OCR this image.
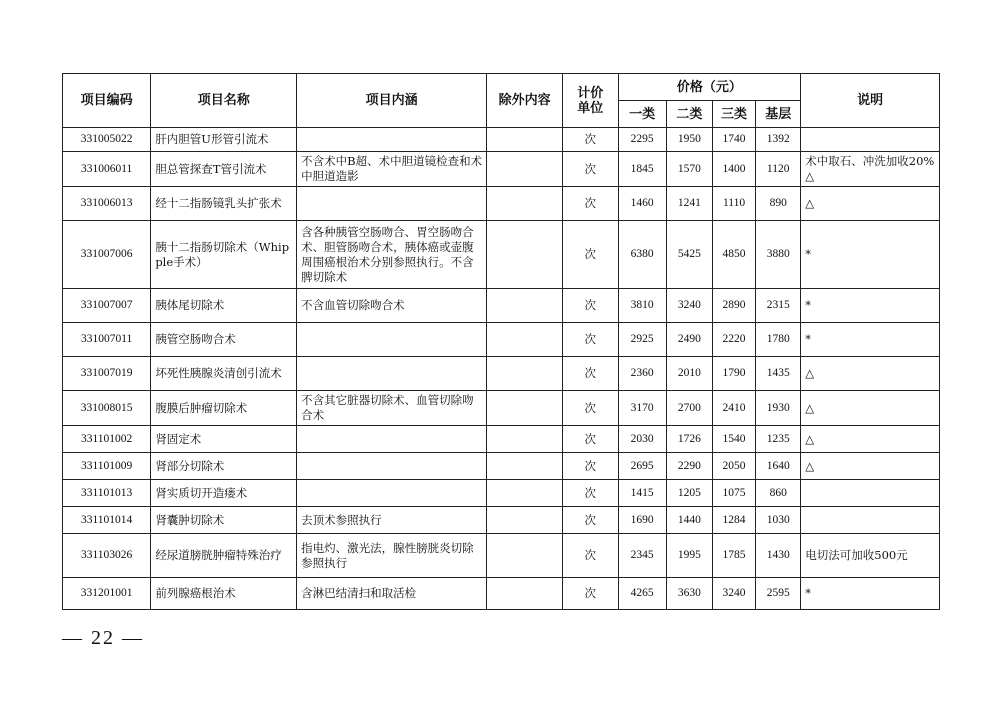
项目编码	项目名称	项目内涵	除外内容	计价单位	价格（元）				说明
					一类	二类	三类	基层	
331005022	肝内胆管U形管引流术			次	2295	1950	1740	1392	
331006011	胆总管探查T管引流术	不含术中B超、术中胆道镜检查和术中胆道造影		次	1845	1570	1400	1120	术中取石、冲洗加收20% △
331006013	经十二指肠镜乳头扩张术			次	1460	1241	1110	890	△
331007006	胰十二指肠切除术（Whipple手术）	含各种胰管空肠吻合、胃空肠吻合术、胆管肠吻合术，胰体癌或壶腹周围癌根治术分别参照执行。不含脾切除术		次	6380	5425	4850	3880	*
331007007	胰体尾切除术	不含血管切除吻合术		次	3810	3240	2890	2315	*
331007011	胰管空肠吻合术			次	2925	2490	2220	1780	*
331007019	坏死性胰腺炎清创引流术			次	2360	2010	1790	1435	△
331008015	腹膜后肿瘤切除术	不含其它脏器切除术、血管切除吻合术		次	3170	2700	2410	1930	△
331101002	肾固定术			次	2030	1726	1540	1235	△
331101009	肾部分切除术			次	2695	2290	2050	1640	△
331101013	肾实质切开造瘘术			次	1415	1205	1075	860	
331101014	肾囊肿切除术	去顶术参照执行		次	1690	1440	1284	1030	
331103026	经尿道膀胱肿瘤特殊治疗	指电灼、激光法，腺性膀胱炎切除参照执行		次	2345	1995	1785	1430	电切法可加收500元
331201001	前列腺癌根治术	含淋巴结清扫和取活检		次	4265	3630	3240	2595	*
— 22 —
